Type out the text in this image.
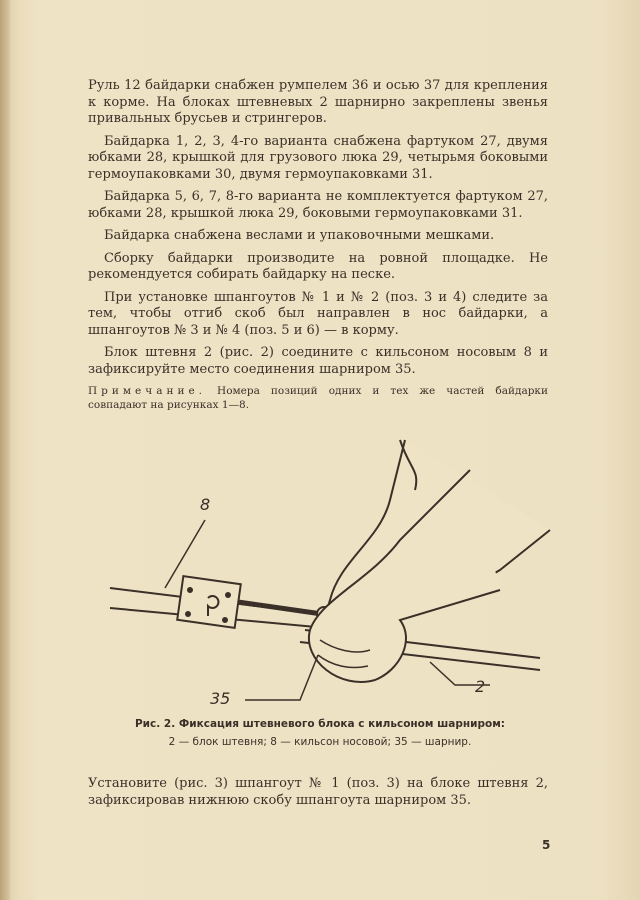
Руль 12 байдарки снабжен румпелем 36 и осью 37 для крепления к корме. На блоках штевневых 2 шарнирно закреплены звенья привальных брусьев и стрингеров.

Байдарка 1, 2, 3, 4-го варианта снабжена фартуком 27, двумя юбками 28, крышкой для грузового люка 29, четырьмя боковыми гермоупаковками 30, двумя гермоупаковками 31.

Байдарка 5, 6, 7, 8-го варианта не комплектуется фартуком 27, юбками 28, крышкой люка 29, боковыми гермоупаковками 31.

Байдарка снабжена веслами и упаковочными мешками.

Сборку байдарки производите на ровной площадке. Не рекомендуется собирать байдарку на песке.

При установке шпангоутов № 1 и № 2 (поз. 3 и 4) следите за тем, чтобы отгиб скоб был направлен в нос байдарки, а шпангоутов № 3 и № 4 (поз. 5 и 6) — в корму.

Блок штевня 2 (рис. 2) соедините с кильсоном носовым 8 и зафиксируйте место соединения шарниром 35.

Примечание. Номера позиций одних и тех же частей байдарки совпадают на рисунках 1—8.
8
35
2
Рис. 2. Фиксация штевневого блока с кильсоном шарниром:
2 — блок штевня; 8 — кильсон носовой; 35 — шарнир.
Установите (рис. 3) шпангоут № 1 (поз. 3) на блоке штевня 2, зафиксировав нижнюю скобу шпангоута шарниром 35.
5
